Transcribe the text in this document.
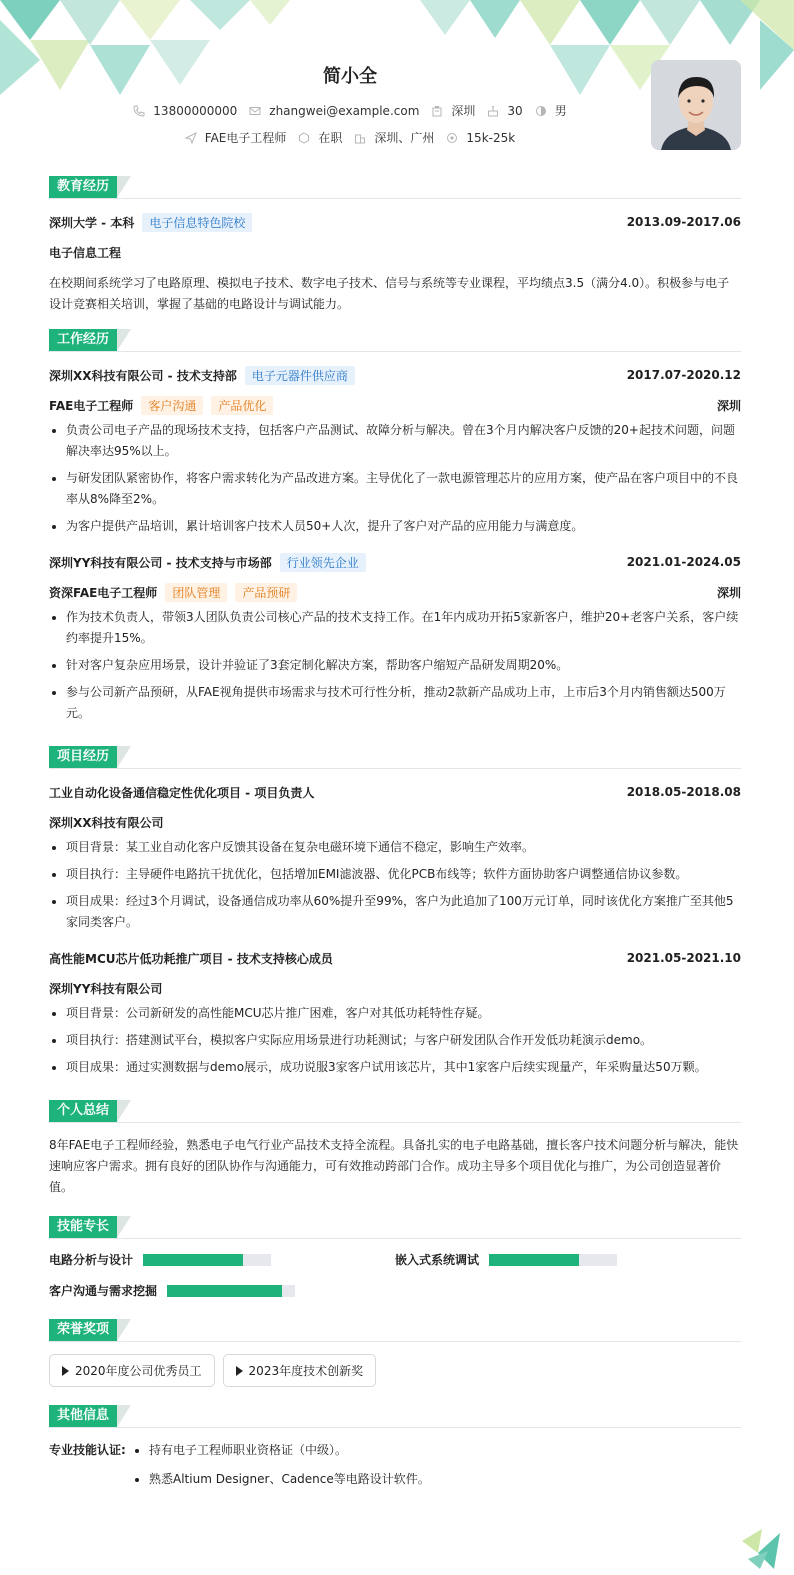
简小全
13800000000	zhangwei@example.com	深圳	30	男
FAE电子工程师	在职	深圳、广州	15k-25k
教育经历
深圳大学 - 本科	电子信息特色院校	2013.09-2017.06
电子信息工程
在校期间系统学习了电路原理、模拟电子技术、数字电子技术、信号与系统等专业课程，平均绩点3.5（满分4.0）。积极参与电子设计竞赛相关培训，掌握了基础的电路设计与调试能力。
工作经历
深圳XX科技有限公司 - 技术支持部	电子元器件供应商	2017.07-2020.12
FAE电子工程师	客户沟通	产品优化	深圳
• 负责公司电子产品的现场技术支持，包括客户产品测试、故障分析与解决。曾在3个月内解决客户反馈的20+起技术问题，问题解决率达95%以上。
• 与研发团队紧密协作，将客户需求转化为产品改进方案。主导优化了一款电源管理芯片的应用方案，使产品在客户项目中的不良率从8%降至2%。
• 为客户提供产品培训，累计培训客户技术人员50+人次，提升了客户对产品的应用能力与满意度。
深圳YY科技有限公司 - 技术支持与市场部	行业领先企业	2021.01-2024.05
资深FAE电子工程师	团队管理	产品预研	深圳
• 作为技术负责人，带领3人团队负责公司核心产品的技术支持工作。在1年内成功开拓5家新客户，维护20+老客户关系，客户续约率提升15%。
• 针对客户复杂应用场景，设计并验证了3套定制化解决方案，帮助客户缩短产品研发周期20%。
• 参与公司新产品预研，从FAE视角提供市场需求与技术可行性分析，推动2款新产品成功上市，上市后3个月内销售额达500万元。
项目经历
工业自动化设备通信稳定性优化项目 - 项目负责人	2018.05-2018.08
深圳XX科技有限公司
• 项目背景：某工业自动化客户反馈其设备在复杂电磁环境下通信不稳定，影响生产效率。
• 项目执行：主导硬件电路抗干扰优化，包括增加EMI滤波器、优化PCB布线等；软件方面协助客户调整通信协议参数。
• 项目成果：经过3个月调试，设备通信成功率从60%提升至99%，客户为此追加了100万元订单，同时该优化方案推广至其他5家同类客户。
高性能MCU芯片低功耗推广项目 - 技术支持核心成员	2021.05-2021.10
深圳YY科技有限公司
• 项目背景：公司新研发的高性能MCU芯片推广困难，客户对其低功耗特性存疑。
• 项目执行：搭建测试平台，模拟客户实际应用场景进行功耗测试；与客户研发团队合作开发低功耗演示demo。
• 项目成果：通过实测数据与demo展示，成功说服3家客户试用该芯片，其中1家客户后续实现量产，年采购量达50万颗。
个人总结
8年FAE电子工程师经验，熟悉电子电气行业产品技术支持全流程。具备扎实的电子电路基础，擅长客户技术问题分析与解决，能快速响应客户需求。拥有良好的团队协作与沟通能力，可有效推动跨部门合作。成功主导多个项目优化与推广，为公司创造显著价值。
技能专长
电路分析与设计	嵌入式系统调试
客户沟通与需求挖掘
荣誉奖项
2020年度公司优秀员工	2023年度技术创新奖
其他信息
专业技能认证:
•	持有电子工程师职业资格证（中级）。
• 熟悉Altium Designer、Cadence等电路设计软件。
